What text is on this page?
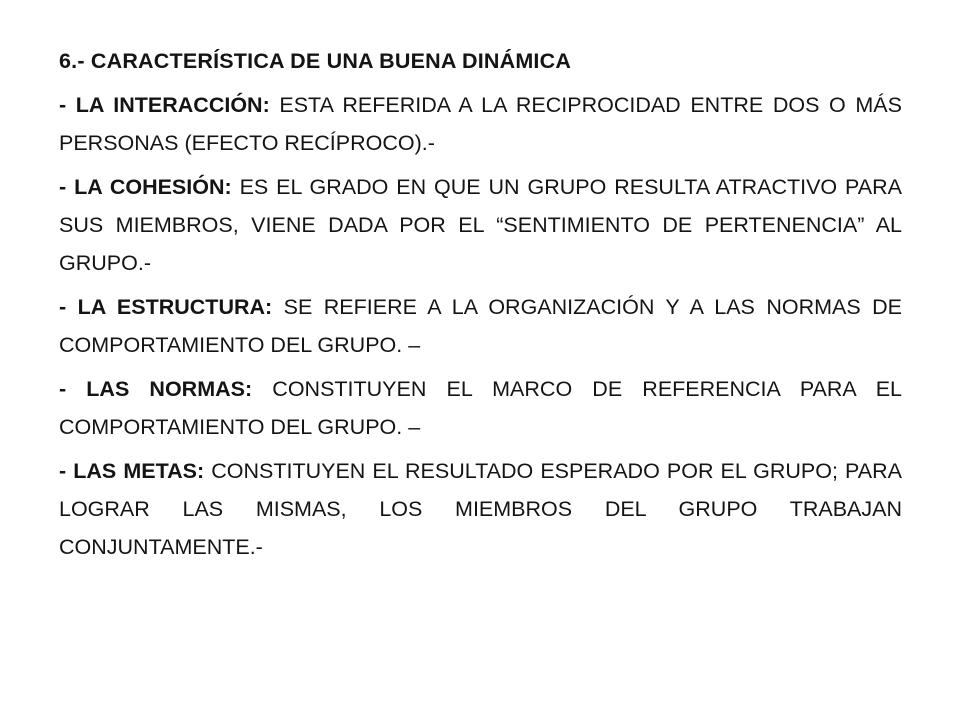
6.- CARACTERÍSTICA DE UNA BUENA DINÁMICA

- LA INTERACCIÓN: ESTA REFERIDA A LA RECIPROCIDAD ENTRE DOS O MÁS PERSONAS (EFECTO RECÍPROCO).-

- LA COHESIÓN: ES EL GRADO EN QUE UN GRUPO RESULTA ATRACTIVO PARA SUS MIEMBROS, VIENE DADA POR EL “SENTIMIENTO DE PERTENENCIA” AL GRUPO.-

- LA ESTRUCTURA: SE REFIERE A LA ORGANIZACIÓN Y A LAS NORMAS DE COMPORTAMIENTO DEL GRUPO. –

- LAS NORMAS: CONSTITUYEN EL MARCO DE REFERENCIA PARA EL COMPORTAMIENTO DEL GRUPO. –

- LAS METAS: CONSTITUYEN EL RESULTADO ESPERADO POR EL GRUPO; PARA LOGRAR LAS MISMAS, LOS MIEMBROS DEL GRUPO TRABAJAN CONJUNTAMENTE.-
